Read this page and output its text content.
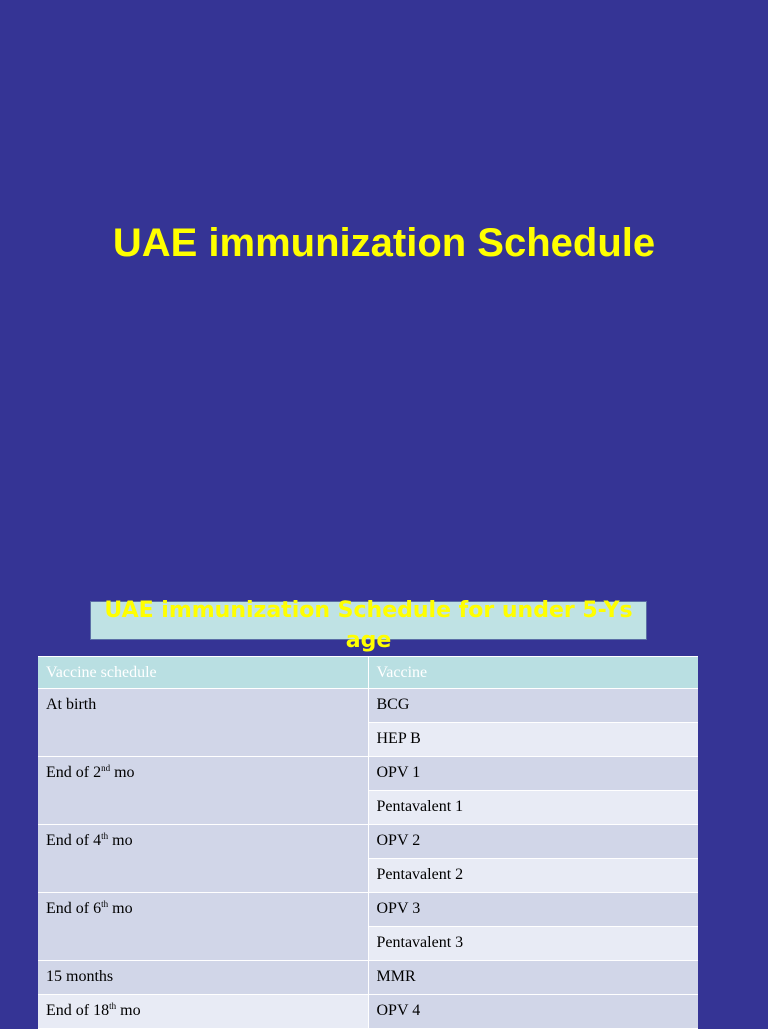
UAE immunization Schedule
UAE immunization Schedule for under 5-Ys age
Vaccine schedule	Vaccine
At birth	BCG
	HEP B
End of 2nd mo	OPV 1
	Pentavalent 1
End of 4th mo	OPV 2
	Pentavalent 2
End of 6th mo	OPV 3
	Pentavalent 3
15 months	MMR
End of 18th mo	OPV 4
